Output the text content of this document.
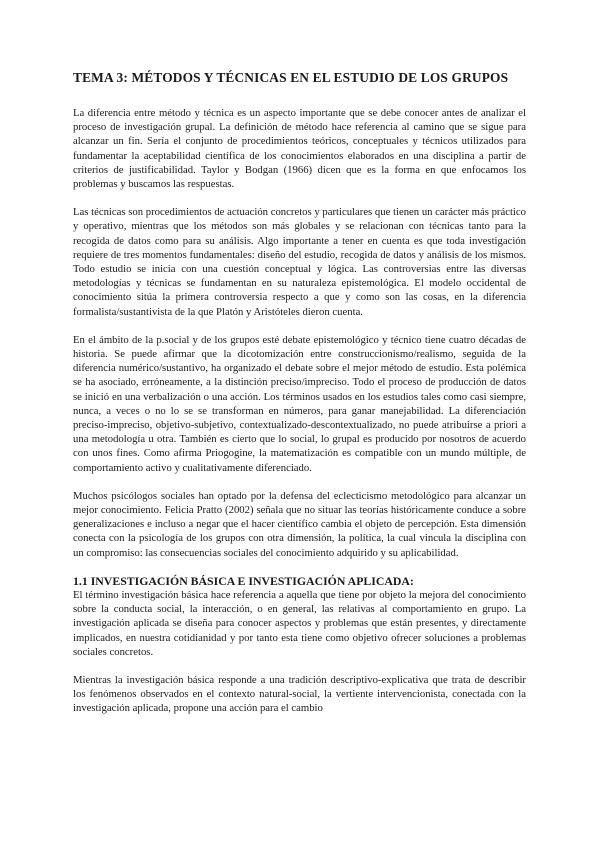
TEMA 3: MÉTODOS Y TÉCNICAS EN EL ESTUDIO DE LOS GRUPOS

La diferencia entre método y técnica es un aspecto importante que se debe conocer antes de analizar el proceso de investigación grupal. La definición de método hace referencia al camino que se sigue para alcanzar un fin. Sería el conjunto de procedimientos teóricos, conceptuales y técnicos utilizados para fundamentar la aceptabilidad científica de los conocimientos elaborados en una disciplina a partir de criterios de justificabilidad. Taylor y Bodgan (1966) dicen que es la forma en que enfocamos los problemas y buscamos las respuestas.

Las técnicas son procedimientos de actuación concretos y particulares que tienen un carácter más práctico y operativo, mientras que los métodos son más globales y se relacionan con técnicas tanto para la recogida de datos como para su análisis. Algo importante a tener en cuenta es que toda investigación requiere de tres momentos fundamentales: diseño del estudio, recogida de datos y análisis de los mismos. Todo estudio se inicia con una cuestión conceptual y lógica. Las controversias entre las diversas metodologías y técnicas se fundamentan en su naturaleza epistemológica. El modelo occidental de conocimiento sitúa la primera controversia respecto a que y como son las cosas, en la diferencia formalista/sustantivista de la que Platón y Aristóteles dieron cuenta.

En el ámbito de la p.social y de los grupos esté debate epistemológico y técnico tiene cuatro décadas de historia. Se puede afirmar que la dicotomización entre construccionismo/realismo, seguida de la diferencia numérico/sustantivo, ha organizado el debate sobre el mejor método de estudio. Esta polémica se ha asociado, erróneamente, a la distinción preciso/impreciso. Todo el proceso de producción de datos se inició en una verbalización o una acción. Los términos usados en los estudios tales como casi siempre, nunca, a veces o no lo se se transforman en números, para ganar manejabilidad. La diferenciación preciso-impreciso, objetivo-subjetivo, contextualizado-descontextualizado, no puede atribuirse a priori a una metodología u otra. También es cierto que lo social, lo grupal es producido por nosotros de acuerdo con unos fines. Como afirma Priogogine, la matematización es compatible con un mundo múltiple, de comportamiento activo y cualitativamente diferenciado.

Muchos psicólogos sociales han optado por la defensa del eclecticismo metodológico para alcanzar un mejor conocimiento. Felicia Pratto (2002) señala que no situar las teorías históricamente conduce a sobre generalizaciones e incluso a negar que el hacer científico cambia el objeto de percepción. Esta dimensión conecta con la psicología de los grupos con otra dimensión, la política, la cual vincula la disciplina con un compromiso: las consecuencias sociales del conocimiento adquirido y su aplicabilidad.

1.1 INVESTIGACIÓN BÁSICA E INVESTIGACIÓN APLICADA:

El término investigación básica hace referencia a aquella que tiene por objeto la mejora del conocimiento sobre la conducta social, la interacción, o en general, las relativas al comportamiento en grupo. La investigación aplicada se diseña para conocer aspectos y problemas que están presentes, y directamente implicados, en nuestra cotidianidad y por tanto esta tiene como objetivo ofrecer soluciones a problemas sociales concretos.

Mientras la investigación básica responde a una tradición descriptivo-explicativa que trata de describir los fenómenos observados en el contexto natural-social, la vertiente intervencionista, conectada con la investigación aplicada, propone una acción para el cambio
